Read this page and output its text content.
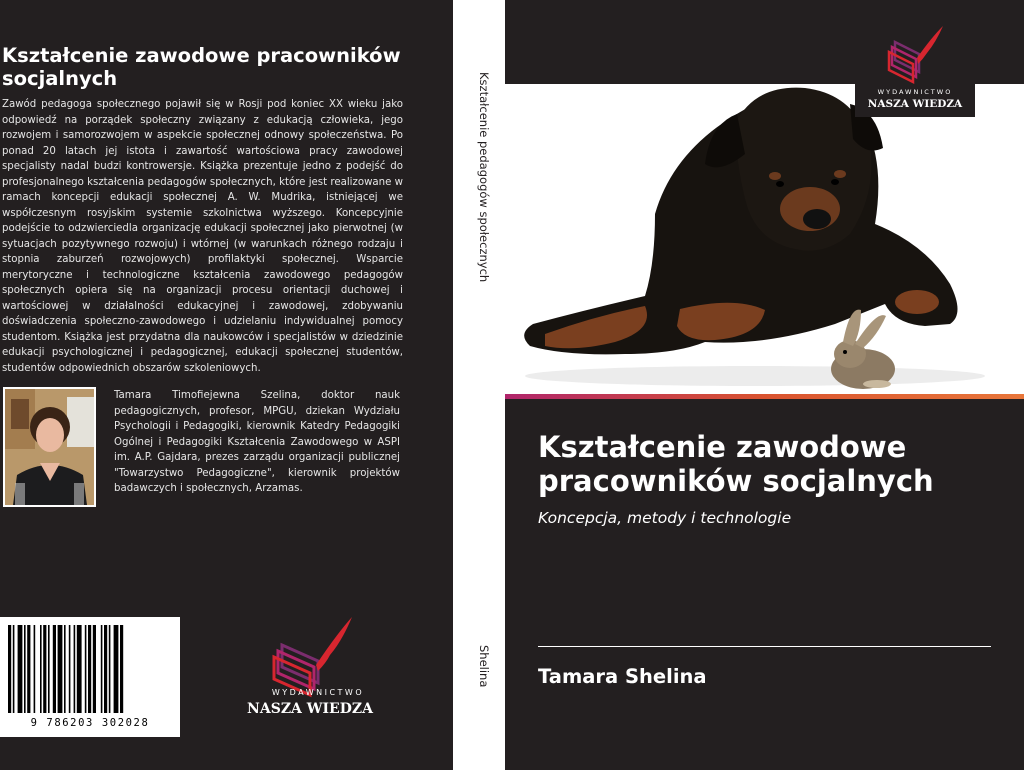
Kształcenie zawodowe pracowników socjalnych

Zawód pedagoga społecznego pojawił się w Rosji pod koniec XX wieku jako odpowiedź na porządek społeczny związany z edukacją człowieka, jego rozwojem i samorozwojem w aspekcie społecznej odnowy społeczeństwa. Po ponad 20 latach jej istota i zawartość wartościowa pracy zawodowej specjalisty nadal budzi kontrowersje. Książka prezentuje jedno z podejść do profesjonalnego kształcenia pedagogów społecznych, które jest realizowane w ramach koncepcji edukacji społecznej A. W. Mudrika, istniejącej we współczesnym rosyjskim systemie szkolnictwa wyższego. Koncepcyjnie podejście to odzwierciedla organizację edukacji społecznej jako pierwotnej (w sytuacjach pozytywnego rozwoju) i wtórnej (w warunkach różnego rodzaju i stopnia zaburzeń rozwojowych) profilaktyki społecznej. Wsparcie merytoryczne i technologiczne kształcenia zawodowego pedagogów społecznych opiera się na organizacji procesu orientacji duchowej i wartościowej w działalności edukacyjnej i zawodowej, zdobywaniu doświadczenia społeczno-zawodowego i udzielaniu indywidualnej pomocy studentom. Książka jest przydatna dla naukowców i specjalistów w dziedzinie edukacji psychologicznej i pedagogicznej, edukacji społecznej studentów, studentów odpowiednich obszarów szkoleniowych.

Tamara Timofiejewna Szelina, doktor nauk pedagogicznych, profesor, MPGU, dziekan Wydziału Psychologii i Pedagogiki, kierownik Katedry Pedagogiki Ogólnej i Pedagogiki Kształcenia Zawodowego w ASPI im. A.P. Gajdara, prezes zarządu organizacji publicznej "Towarzystwo Pedagogiczne", kierownik projektów badawczych i społecznych, Arzamas.

9 786203 302028

WYDAWNICTWO
NASZA WIEDZA

Kształcenie pedagogów społecznych

Shelina

WYDAWNICTWO
NASZA WIEDZA
Kształcenie zawodowe pracowników socjalnych

Koncepcja, metody i technologie

Tamara Shelina
